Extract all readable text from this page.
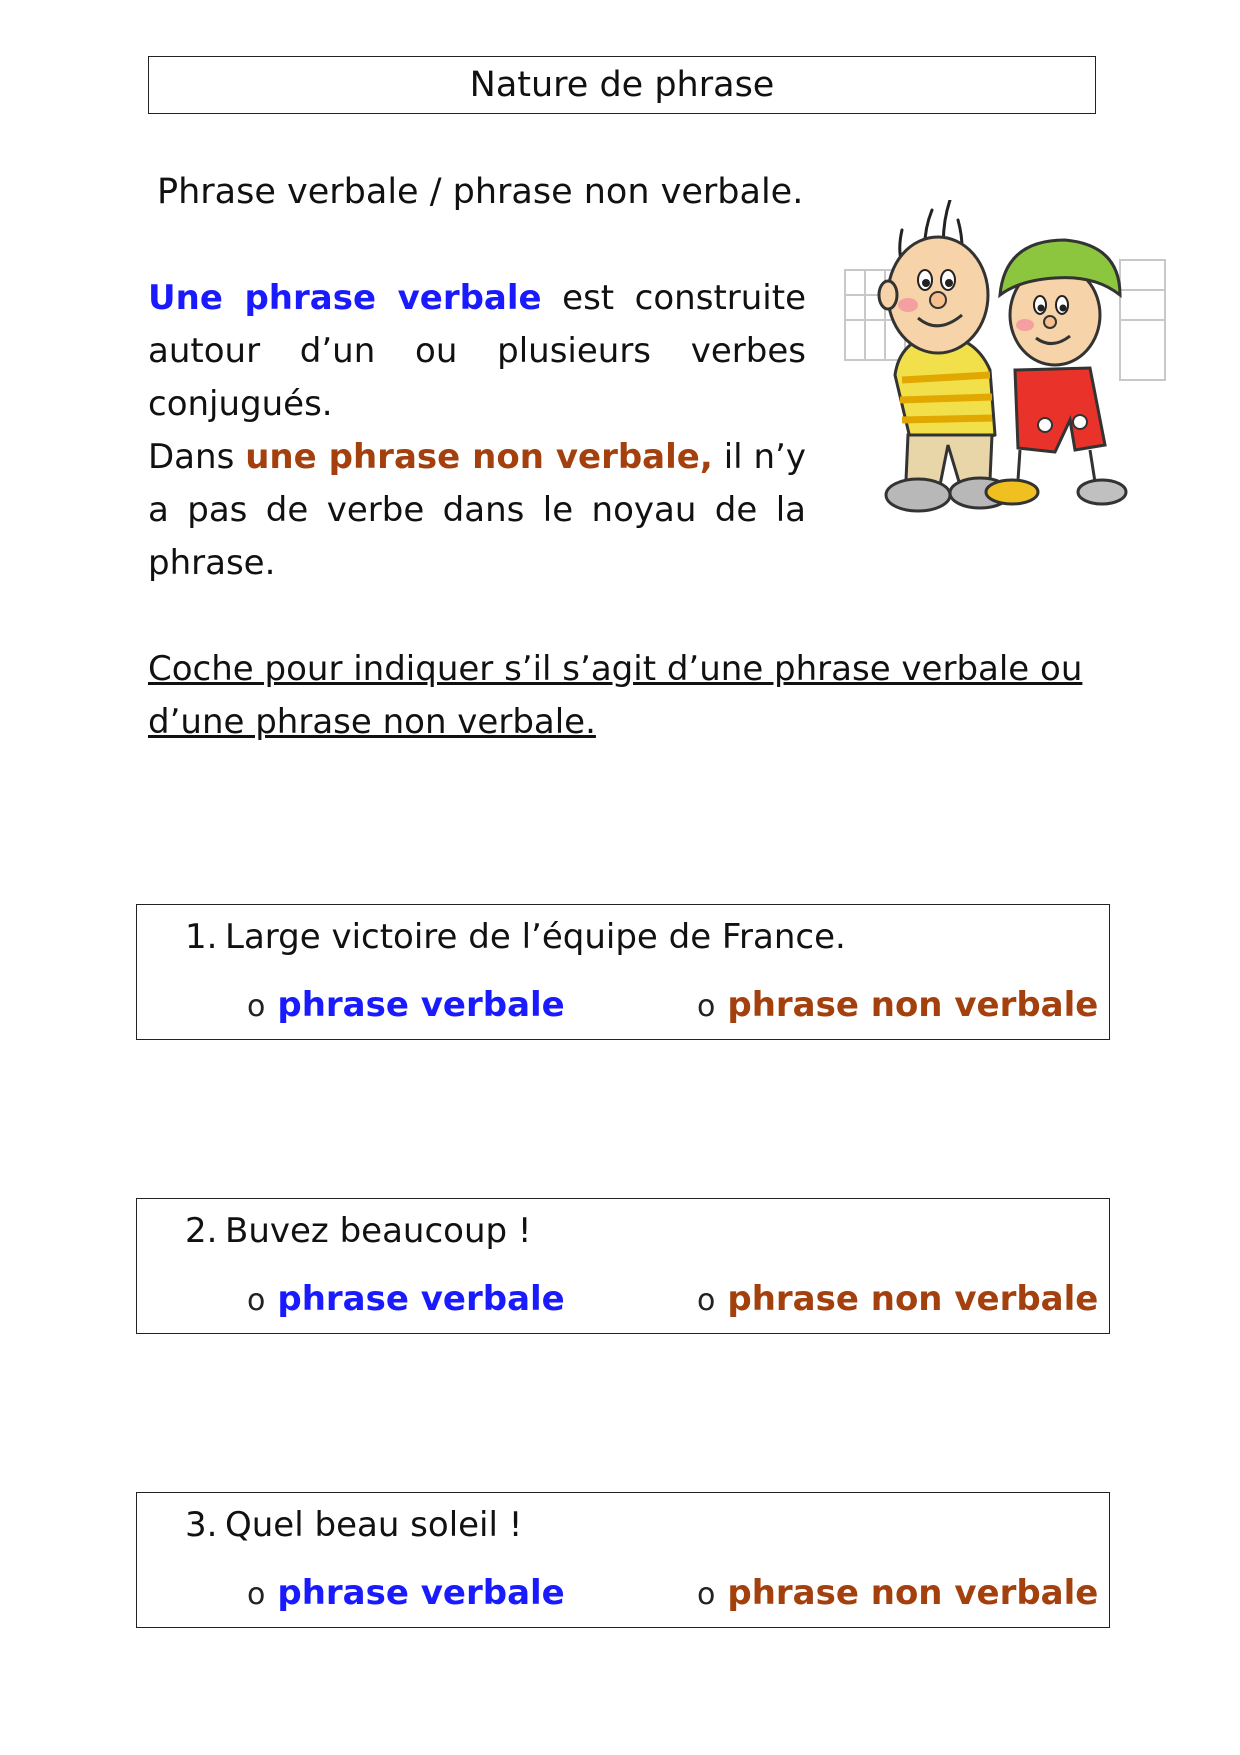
Nature de phrase
Phrase verbale / phrase non verbale.

Une phrase verbale est construite autour d’un ou plusieurs verbes conjugués.
Dans une phrase non verbale, il n’y a pas de verbe dans le noyau de la phrase.

Coche pour indiquer s’il s’agit d’une phrase verbale ou d’une phrase non verbale.

1. Large victoire de l’équipe de France.
o phrase verbale	o phrase non verbale
2. Buvez beaucoup !
o phrase verbale	o phrase non verbale
3. Quel beau soleil !
o phrase verbale	o phrase non verbale
